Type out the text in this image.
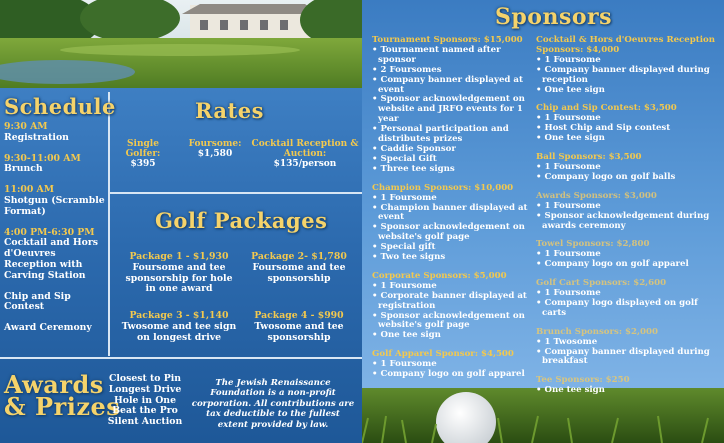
Schedule
9:30 AM
Registration
9:30-11:00 AM
Brunch
11:00 AM
Shotgun (Scramble Format)
4:00 PM-6:30 PM
Cocktail and Hors d'Oeuvres Reception with Carving Station
Chip and Sip Contest
Award Ceremony
Rates
Single Golfer:
$395
Foursome:
$1,580
Cocktail Reception & Auction:
$135/person
Golf Packages
Package 1 - $1,930
Foursome and tee sponsorship for hole in one award
Package 2- $1,780
Foursome and tee sponsorship
Package 3 - $1,140
Twosome and tee sign on longest drive
Package 4 - $990
Twosome and tee sponsorship
Awards
& Prizes
Closest to Pin
Longest Drive
Hole in One
Beat the Pro
Silent Auction
The Jewish Renaissance Foundation is a non-profit corporation. All contributions are tax deductible to the fullest extent provided by law.
Sponsors
Tournament Sponsors: $15,000
• Tournament named after sponsor
• 2 Foursomes
• Company banner displayed at event
• Sponsor acknowledgement on website and JRFO events for 1 year
• Personal participation and distributes prizes
• Caddie Sponsor
• Special Gift
• Three tee signs
Champion Sponsors: $10,000
• 1 Foursome
• Champion banner displayed at event
• Sponsor acknowledgement on website's golf page
• Special gift
• Two tee signs
Corporate Sponsors: $5,000
• 1 Foursome
• Corporate banner displayed at registration
• Sponsor acknowledgement on website's golf page
• One tee sign
Golf Apparel Sponsor: $4,500
• 1 Foursome
• Company logo on golf apparel
Cocktail & Hors d'Oeuvres Reception Sponsors: $4,000
• 1 Foursome
• Company banner displayed during reception
• One tee sign
Chip and Sip Contest: $3,500
• 1 Foursome
• Host Chip and Sip contest
• One tee sign
Ball Sponsors: $3,500
• 1 Foursome
• Company logo on golf balls
Awards Sponsors: $3,000
• 1 Foursome
• Sponsor acknowledgement during awards ceremony
Towel Sponsors: $2,800
• 1 Foursome
• Company logo on golf apparel
Golf Cart Sponsors: $2,600
• 1 Foursome
• Company logo displayed on golf carts
Brunch Sponsors: $2,000
• 1 Twosome
• Company banner displayed during breakfast
Tee Sponsors: $250
• One tee sign
